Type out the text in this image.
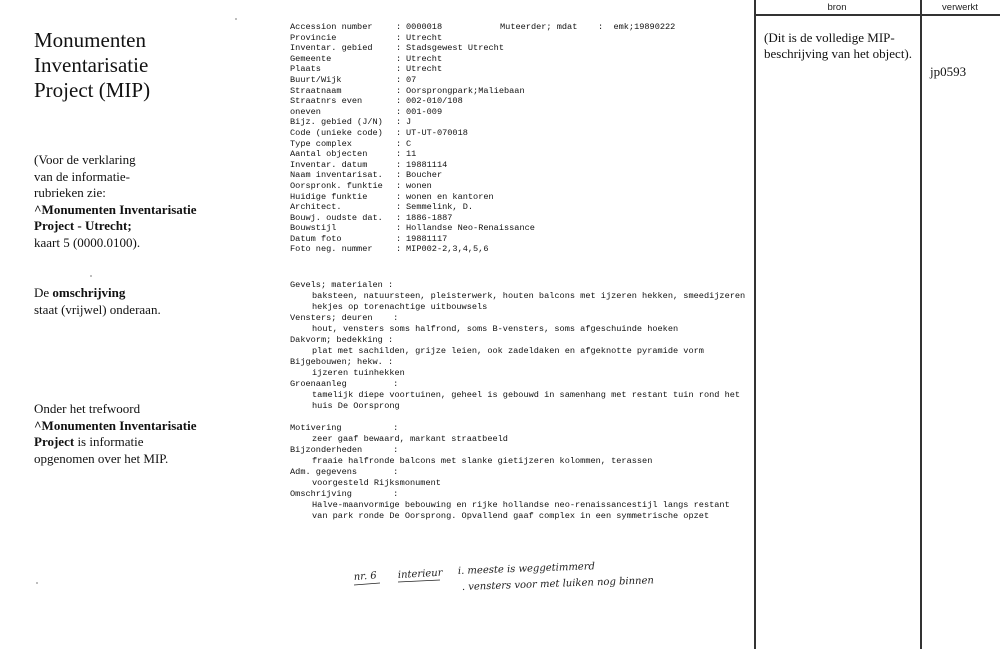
Monumenten
Inventarisatie
Project (MIP)
(Voor de verklaring
van de informatie-
rubrieken zie:
^Monumenten Inventarisatie
Project - Utrecht;
kaart 5 (0000.0100).
De omschrijving
staat (vrijwel) onderaan.
Onder het trefwoord
^Monumenten Inventarisatie
Project is informatie
opgenomen over het MIP.
Muteerder; mdat    :  emk;19890222
Accession number	: 0000018
Provincie	: Utrecht
Inventar. gebied	: Stadsgewest Utrecht
Gemeente	: Utrecht
Plaats	: Utrecht
Buurt/Wijk	: 07
Straatnaam	: Oorsprongpark;Maliebaan
Straatnrs even	: 002-010/108
oneven	: 001-009
Bijz. gebied (J/N) : J
Code (unieke code) : UT-UT-070018
Type complex	: C
Aantal objecten	: 11
Inventar. datum	: 19881114
Naam inventarisat. : Boucher
Oorspronk. funktie : wonen
Huidige funktie	: wonen en kantoren
Architect.	: Semmelink, D.
Bouwj. oudste dat. : 1886-1887
Bouwstijl	: Hollandse Neo-Renaissance
Datum foto	: 19881117
Foto neg. nummer	: MIP002-2,3,4,5,6
Gevels; materialen :
baksteen, natuursteen, pleisterwerk, houten balcons met ijzeren hekken, smeedijzeren hekjes op torenachtige uitbouwsels
Vensters; deuren    :
hout, vensters soms halfrond, soms B-vensters, soms afgeschuinde hoeken
Dakvorm; bedekking :
plat met sachilden, grijze leien, ook zadeldaken en afgeknotte pyramide vorm
Bijgebouwen; hekw. :
ijzeren tuinhekken
Groenaanleg         :
tamelijk diepe voortuinen, geheel is gebouwd in samenhang met restant tuin rond het huis De Oorsprong
Motivering          :
zeer gaaf bewaard, markant straatbeeld
Bijzonderheden      :
fraaie halfronde balcons met slanke gietijzeren kolommen, terassen
Adm. gegevens       :
voorgesteld Rijksmonument
Omschrijving        :
Halve-maanvormige bebouwing en rijke hollandse neo-renaissancestijl langs restant van park ronde De Oorsprong. Opvallend gaaf complex in een symmetrische opzet
nr. 6 interieur i. meeste is weggetimmerd
. vensters voor met luiken nog binnen
bron	verwerkt
(Dit is de volledige MIP-beschrijving van het object).
jp0593
